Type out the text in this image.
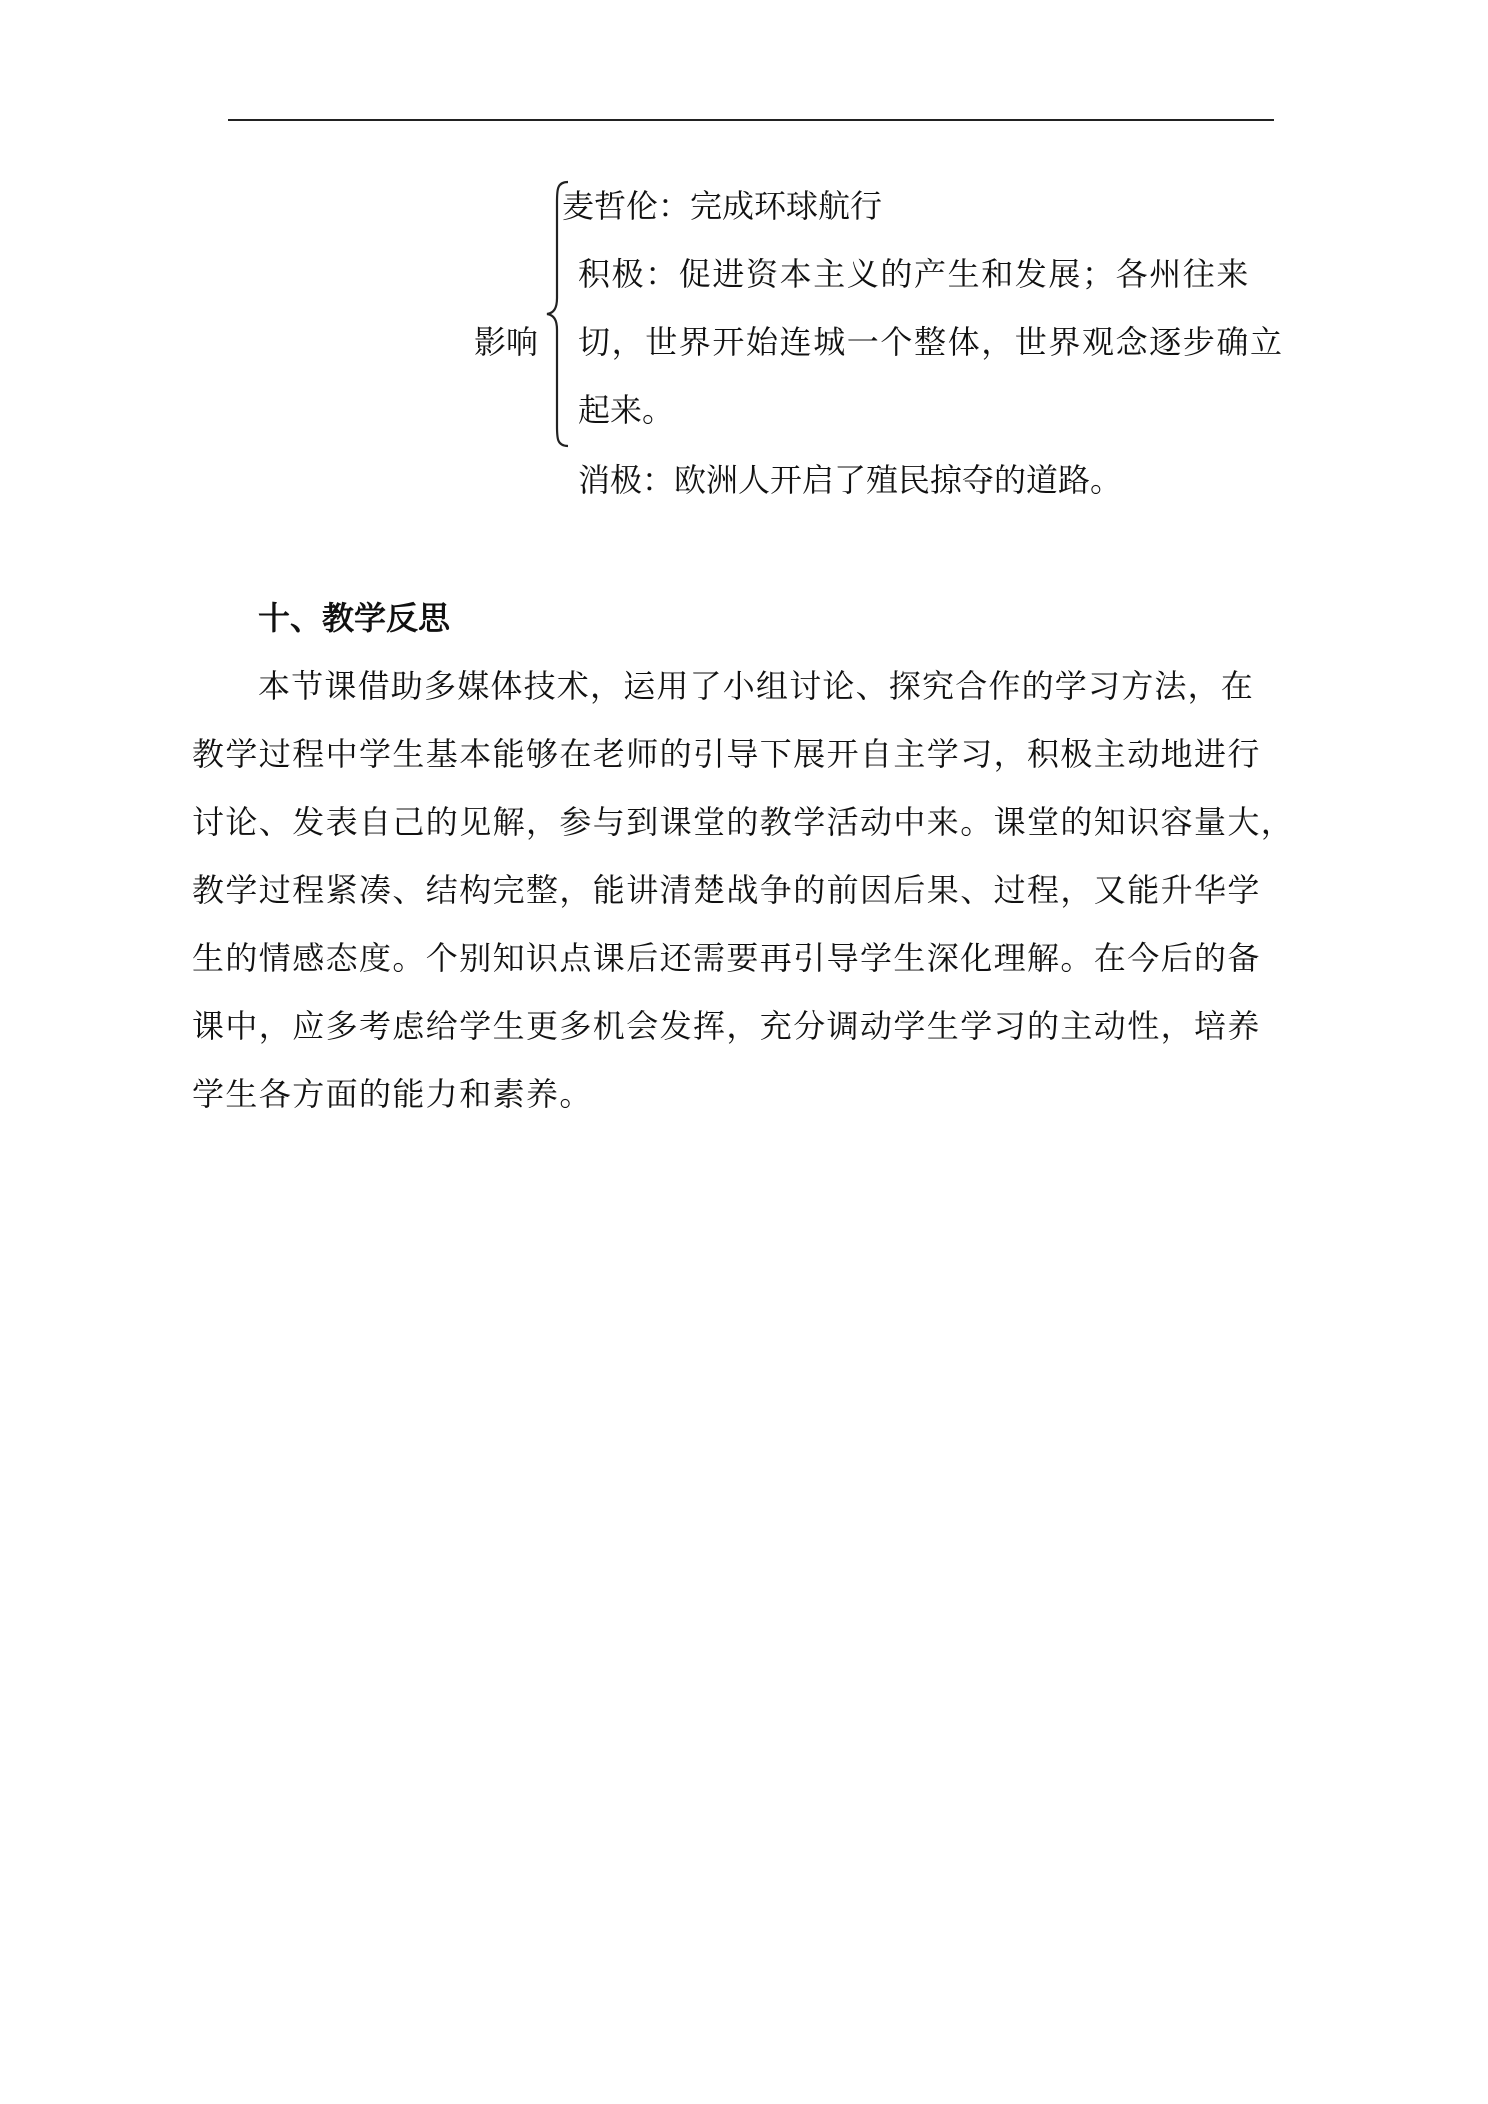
影响
麦哲伦：完成环球航行
积极：促进资本主义的产生和发展；各州往来
切，世界开始连城一个整体，世界观念逐步确立
起来。
消极：欧洲人开启了殖民掠夺的道路。
十、教学反思
本节课借助多媒体技术，运用了小组讨论、探究合作的学习方法，在
教学过程中学生基本能够在老师的引导下展开自主学习，积极主动地进行
讨论、发表自己的见解，参与到课堂的教学活动中来。课堂的知识容量大，
教学过程紧凑、结构完整，能讲清楚战争的前因后果、过程，又能升华学
生的情感态度。个别知识点课后还需要再引导学生深化理解。在今后的备
课中，应多考虑给学生更多机会发挥，充分调动学生学习的主动性，培养
学生各方面的能力和素养。
